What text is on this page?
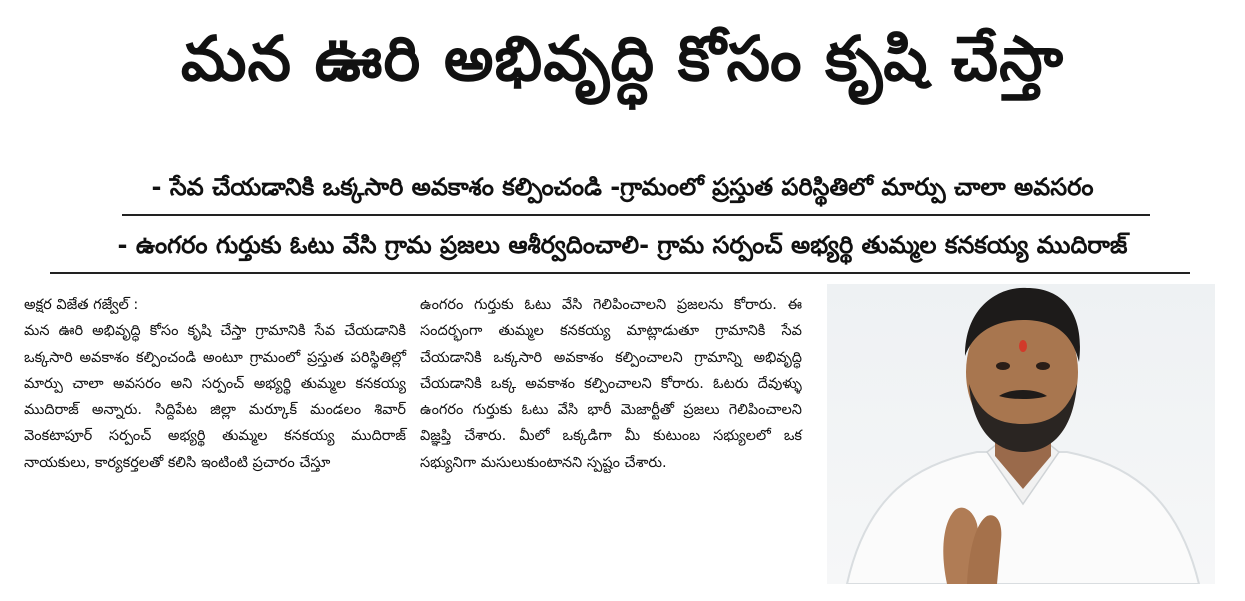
మన ఊరి అభివృద్ధి కోసం కృషి చేస్తా
- సేవ చేయడానికి ఒక్కసారి అవకాశం కల్పించండి -గ్రామంలో ప్రస్తుత పరిస్థితిలో మార్పు చాలా అవసరం
- ఉంగరం గుర్తుకు ఓటు వేసి గ్రామ ప్రజలు ఆశీర్వదించాలి- గ్రామ సర్పంచ్ అభ్యర్థి తుమ్మల కనకయ్య ముదిరాజ్

అక్షర విజేత గజ్వేల్ :

మన ఊరి అభివృద్ధి కోసం కృషి చేస్తా గ్రామానికి సేవ చేయడానికి ఒక్కసారి అవకాశం కల్పించండి అంటూ గ్రామంలో ప్రస్తుత పరిస్థితిల్లో మార్పు చాలా అవసరం అని సర్పంచ్ అభ్యర్థి తుమ్మల కనకయ్య ముదిరాజ్ అన్నారు. సిద్దిపేట జిల్లా మర్కూక్ మండలం శివార్ వెంకటాపూర్ సర్పంచ్ అభ్యర్థి తుమ్మల కనకయ్య ముదిరాజ్ నాయకులు, కార్యకర్తలతో కలిసి ఇంటింటి ప్రచారం చేస్తూ

ఉంగరం గుర్తుకు ఓటు వేసి గెలిపించాలని ప్రజలను కోరారు. ఈ సందర్భంగా తుమ్మల కనకయ్య మాట్లాడుతూ గ్రామానికి సేవ చేయడానికి ఒక్కసారి అవకాశం కల్పించాలని గ్రామాన్ని అభివృద్ధి చేయడానికి ఒక్క అవకాశం కల్పించాలని కోరారు. ఓటరు దేవుళ్ళు ఉంగరం గుర్తుకు ఓటు వేసి భారీ మెజార్టీతో ప్రజలు గెలిపించాలని విజ్ఞప్తి చేశారు. మీలో ఒక్కడిగా మీ కుటుంబ సభ్యులలో ఒక సభ్యునిగా మసులుకుంటానని స్పష్టం చేశారు.
